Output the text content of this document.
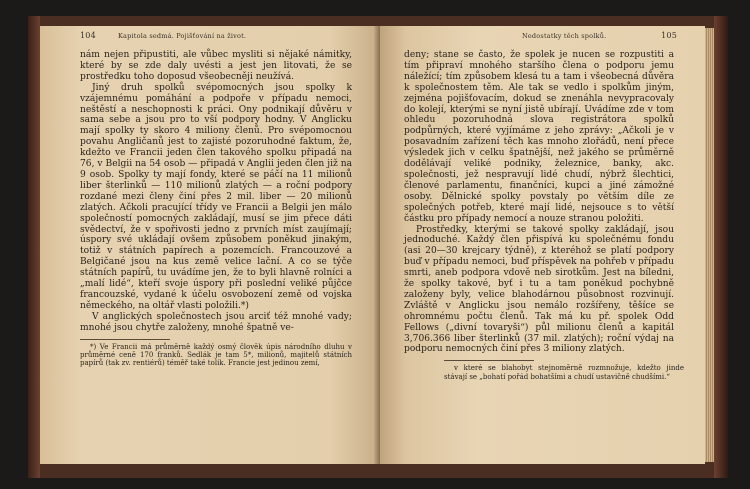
104	Kapitola sedmá. Pojišťování na život.

nám nejen připustiti, ale vůbec mysliti si nějaké námitky, které by se zde daly uvésti a jest jen litovati, že se prostředku toho doposud všeobecněji neužívá.

Jiný druh spolků svépomocných jsou spolky k vzájemnému pomáhání a podpoře v případu nemoci, neštěstí a neschopnosti k práci. Ony podnikají důvěru v sama sebe a jsou pro to vší podpory hodny. V Anglicku mají spolky ty skoro 4 miliony členů. Pro svépomocnou povahu Angličanů jest to zajisté pozoruhodné faktum, že, kdežto ve Francii jeden člen takového spolku připadá na 76, v Belgii na 54 osob — připadá v Anglii jeden člen již na 9 osob. Spolky ty mají fondy, které se páčí na 11 milionů liber šterlinků — 110 milionů zlatých — a roční podpory rozdané mezi členy činí přes 2 mil. liber — 20 milionů zlatých. Ačkoli pracující třídy ve Francii a Belgii jen málo společností pomocných zakládají, musí se jim přece dáti svědectví, že v spořivosti jedno z prvních míst zaujímají; úspory své ukládají ovšem způsobem poněkud jinakým, totiž v státních papírech a pozemcích. Francouzové a Belgičané jsou na kus země velice lační. A co se týče státních papírů, tu uvádíme jen, že to byli hlavně rolníci a „malí lidé“, kteří svoje úspory při poslední veliké půjčce francouzské, vydané k účelu osvobození země od vojska německého, na oltář vlasti položili.*)

V anglických společnostech jsou arciť též mnohé vady; mnohé jsou chytře založeny, mnohé špatně ve-

*) Ve Francii má průměrně každý osmý člověk úpis národního dluhu v průměrné ceně 170 franků. Sedlák je tam 5*, milionů, majitelů státních papírů (tak zv. rentiérů) téměř také tolik. Francie jest jedinou zemí,

Nedostatky těch spolků.	105

deny; stane se často, že spolek je nucen se rozpustiti a tím připraví mnohého staršího člena o podporu jemu náležící; tím způsobem klesá tu a tam i všeobecná důvěra k společnostem těm. Ale tak se vedlo i spolkům jiným, zejména pojišťovacím, dokud se znenáhla nevypracovaly do kolejí, kterými se nyní jistě ubírají. Uvádíme zde v tom ohledu pozoruhodná slova registrátora spolků podpůrných, které vyjímáme z jeho zprávy: „Ačkoli je v posavadním zařízení těch kas mnoho zlořádů, není přece výsledek jich v celku špatnější, než jakého se průměrně dodělávají veliké podniky, železnice, banky, akc. společnosti, jež nespravují lidé chudí, nýbrž šlechtici, členové parlamentu, finančníci, kupci a jiné zámožné osoby. Dělnické spolky povstaly po větším díle ze společných potřeb, které mají lidé, nejsouce s to větší částku pro případy nemocí a nouze stranou položiti.

Prostředky, kterými se takové spolky zakládají, jsou jednoduché. Každý člen přispívá ku společnému fondu (asi 20—30 krejcary týdně), z kteréhož se platí podpory buď v případu nemoci, buď příspěvek na pohřeb v případu smrti, aneb podpora vdově neb sirotkům. Jest na bíledni, že spolky takové, byť i tu a tam poněkud pochybně založeny byly, velice blahodárnou působnost rozvinují. Zvláště v Anglicku jsou nemálo rozšířeny, těšíce se ohromnému počtu členů. Tak má ku př. spolek Odd Fellows („divní tovaryši“) půl milionu členů a kapitál 3,706.366 liber šterlinků (37 mil. zlatých); roční výdaj na podporu nemocných činí přes 3 miliony zlatých.

v které se blahobyt stejnoměrně rozmnožuje, kdežto jinde stávají se „bohatí pořád bohatšími a chudí ustavičně chudšími.“
